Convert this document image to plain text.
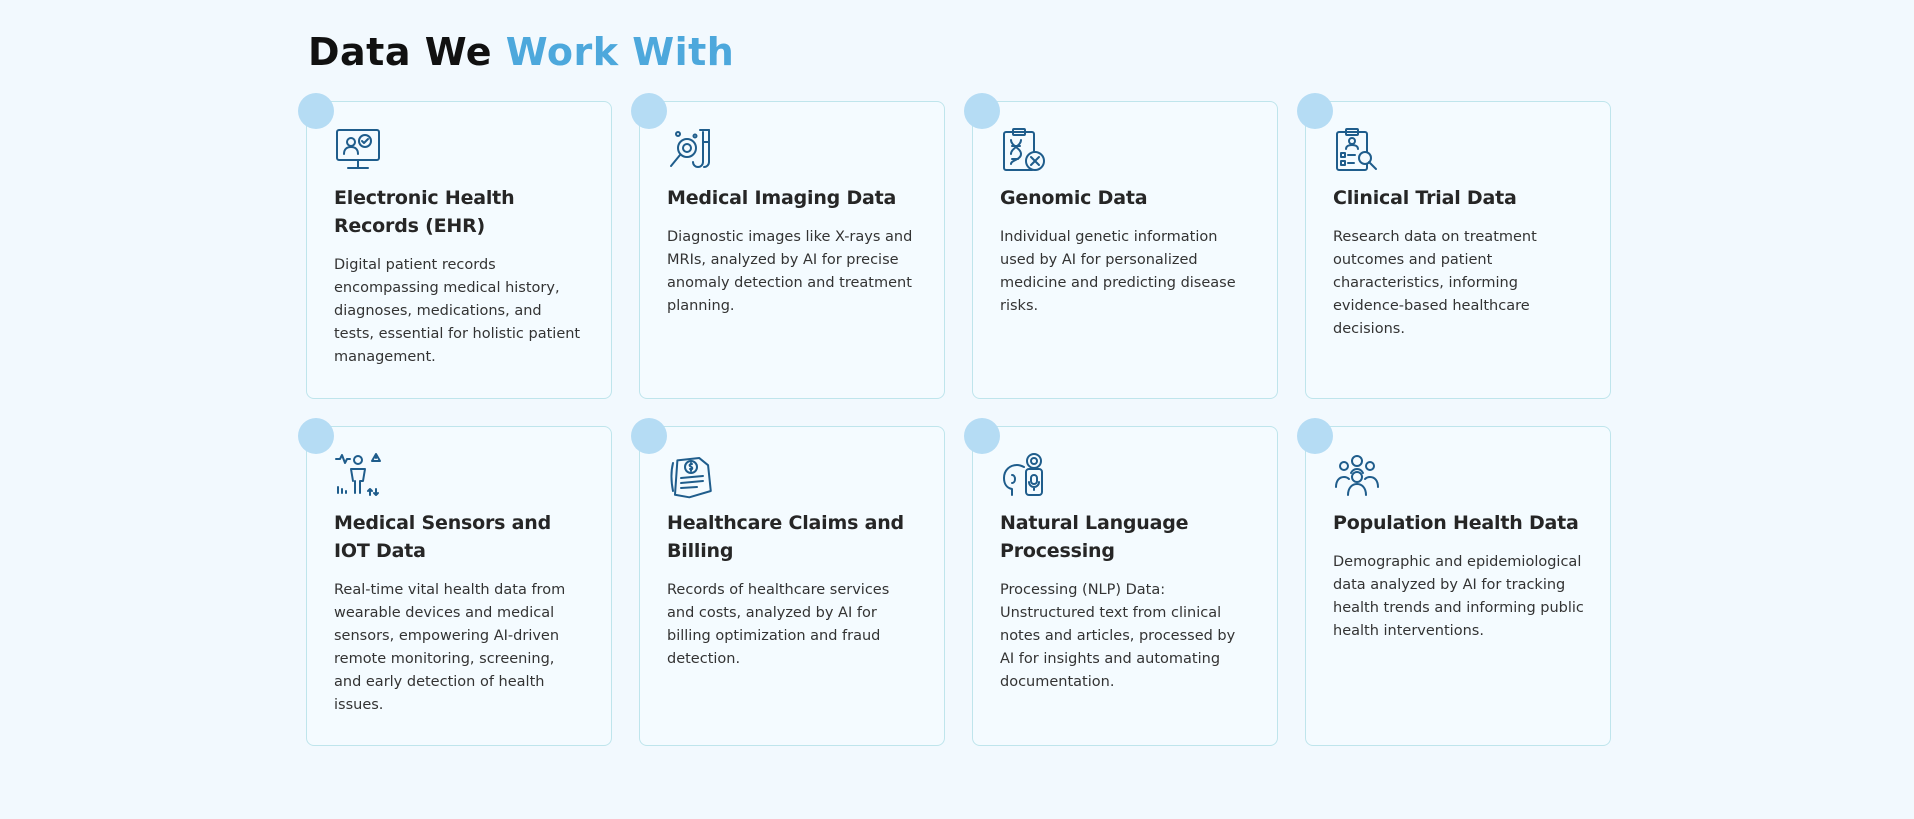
Data We Work With
Electronic Health Records (EHR)

Digital patient records encompassing medical history, diagnoses, medications, and tests, essential for holistic patient management.

Medical Imaging Data

Diagnostic images like X-rays and MRIs, analyzed by AI for precise anomaly detection and treatment planning.

Genomic Data

Individual genetic information used by AI for personalized medicine and predicting disease risks.

Clinical Trial Data

Research data on treatment outcomes and patient characteristics, informing evidence-based healthcare decisions.

Medical Sensors and IOT Data

Real-time vital health data from wearable devices and medical sensors, empowering AI-driven remote monitoring, screening, and early detection of health issues.

Healthcare Claims and Billing

Records of healthcare services and costs, analyzed by AI for billing optimization and fraud detection.

Natural Language Processing

Processing (NLP) Data: Unstructured text from clinical notes and articles, processed by AI for insights and automating documentation.

Population Health Data

Demographic and epidemiological data analyzed by AI for tracking health trends and informing public health interventions.
